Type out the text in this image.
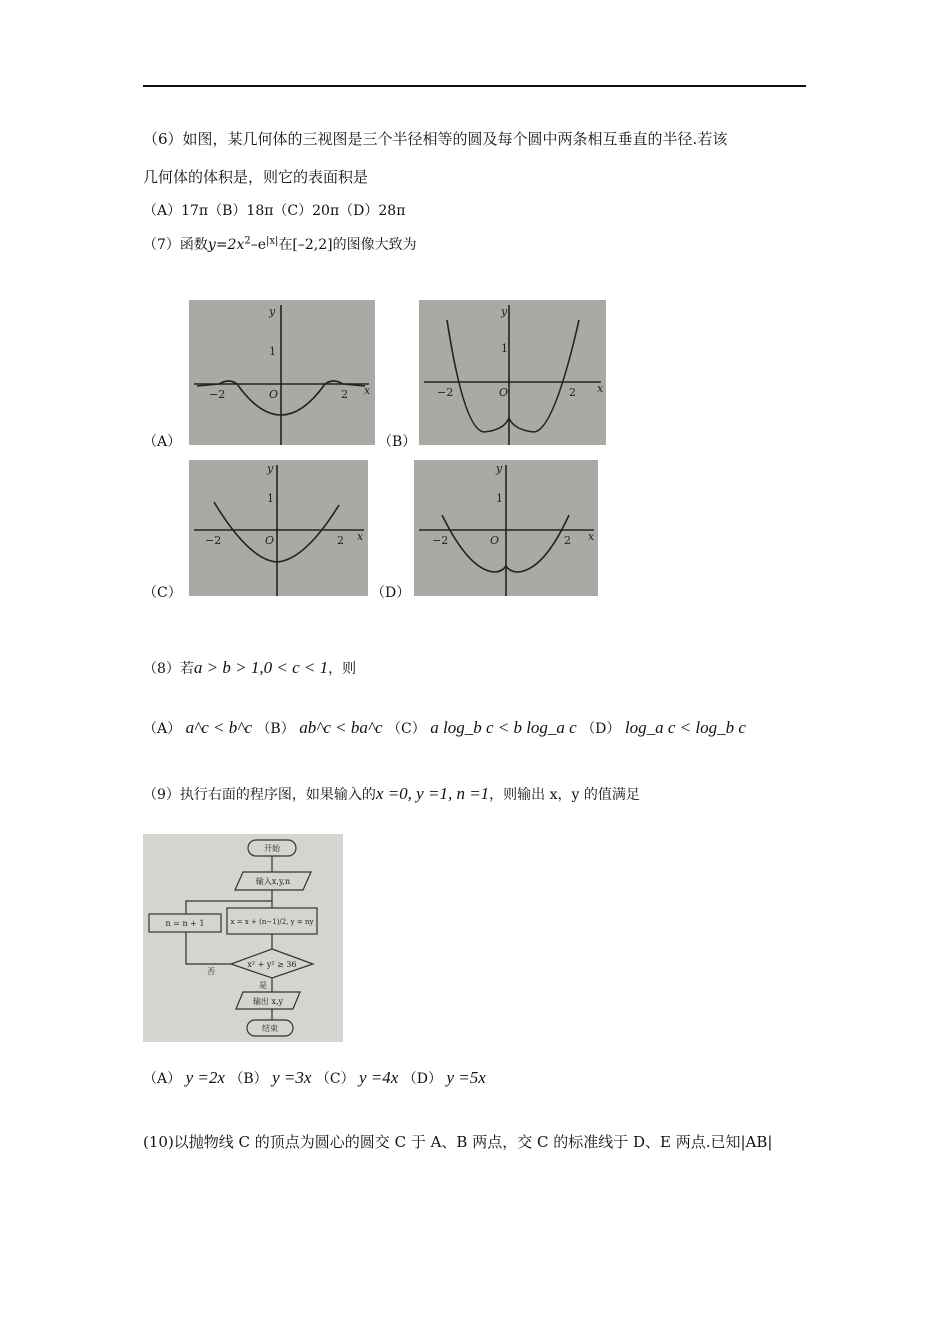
（6）如图，某几何体的三视图是三个半径相等的圆及每个圆中两条相互垂直的半径.若该
几何体的体积是，则它的表面积是
（A）17π（B）18π（C）20π（D）28π
（7）函数$y=2x^2-e^{|x|}$在[–2,2]的图像大致为
（A）
y
x
O
1
−2	2
（B）
y
x
O
1
−2	2
（C）
y
x
O
1
−2	2
（D）
y
x
O
1
−2	2
（8）若a > b > 1,0 < c < 1，则
（A） a^c < b^c （B） ab^c < ba^c （C） a log_b c < b log_a c （D） log_a c < log_b c
（9）执行右面的程序图，如果输入的x =0, y =1, n =1，则输出 x，y 的值满足
开始
输入x,y,n
x = x + (n−1)/2, y = ny
n = n + 1
x² + y² ≥ 36
否
是
输出 x,y
结束
（A） y =2x （B） y =3x （C） y =4x （D） y =5x
(10)以抛物线 C 的顶点为圆心的圆交 C 于 A、B 两点，交 C 的标准线于 D、E 两点.已知|AB|
